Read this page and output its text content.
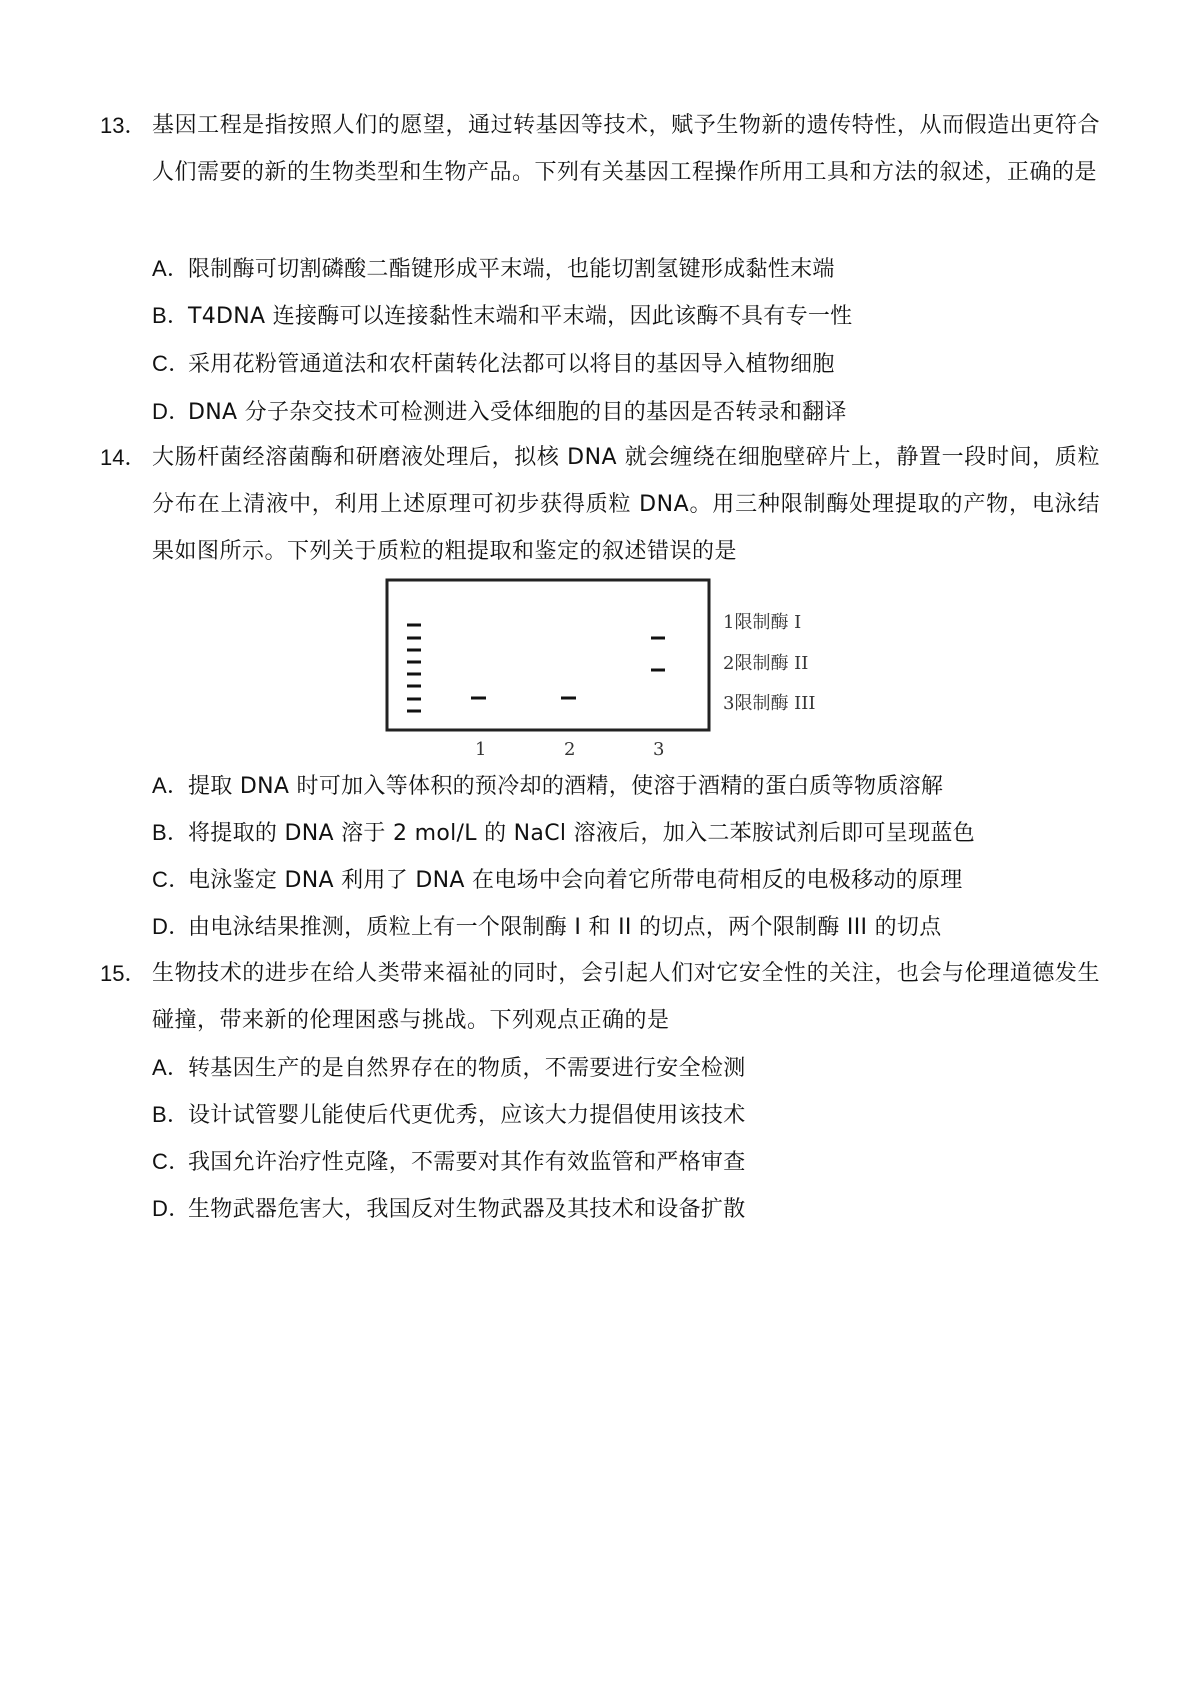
13． 基因工程是指按照人们的愿望，通过转基因等技术，赋予生物新的遗传特性，从而假造出更符合人们需要的新的生物类型和生物产品。下列有关基因工程操作所用工具和方法的叙述，正确的是
A．限制酶可切割磷酸二酯键形成平末端，也能切割氢键形成黏性末端
B．T4DNA 连接酶可以连接黏性末端和平末端，因此该酶不具有专一性
C．采用花粉管通道法和农杆菌转化法都可以将目的基因导入植物细胞
D．DNA 分子杂交技术可检测进入受体细胞的目的基因是否转录和翻译
14． 大肠杆菌经溶菌酶和研磨液处理后，拟核 DNA 就会缠绕在细胞壁碎片上，静置一段时间，质粒分布在上清液中，利用上述原理可初步获得质粒 DNA。用三种限制酶处理提取的产物，电泳结果如图所示。下列关于质粒的粗提取和鉴定的叙述错误的是
1限制酶 I
2限制酶 II
3限制酶 III
1	2	3
A．提取 DNA 时可加入等体积的预冷却的酒精，使溶于酒精的蛋白质等物质溶解
B．将提取的 DNA 溶于 2 mol/L 的 NaCl 溶液后，加入二苯胺试剂后即可呈现蓝色
C．电泳鉴定 DNA 利用了 DNA 在电场中会向着它所带电荷相反的电极移动的原理
D．由电泳结果推测，质粒上有一个限制酶 I 和 II 的切点，两个限制酶 III 的切点
15． 生物技术的进步在给人类带来福祉的同时，会引起人们对它安全性的关注，也会与伦理道德发生碰撞，带来新的伦理困惑与挑战。下列观点正确的是
A．转基因生产的是自然界存在的物质，不需要进行安全检测
B．设计试管婴儿能使后代更优秀，应该大力提倡使用该技术
C．我国允许治疗性克隆，不需要对其作有效监管和严格审查
D．生物武器危害大，我国反对生物武器及其技术和设备扩散
